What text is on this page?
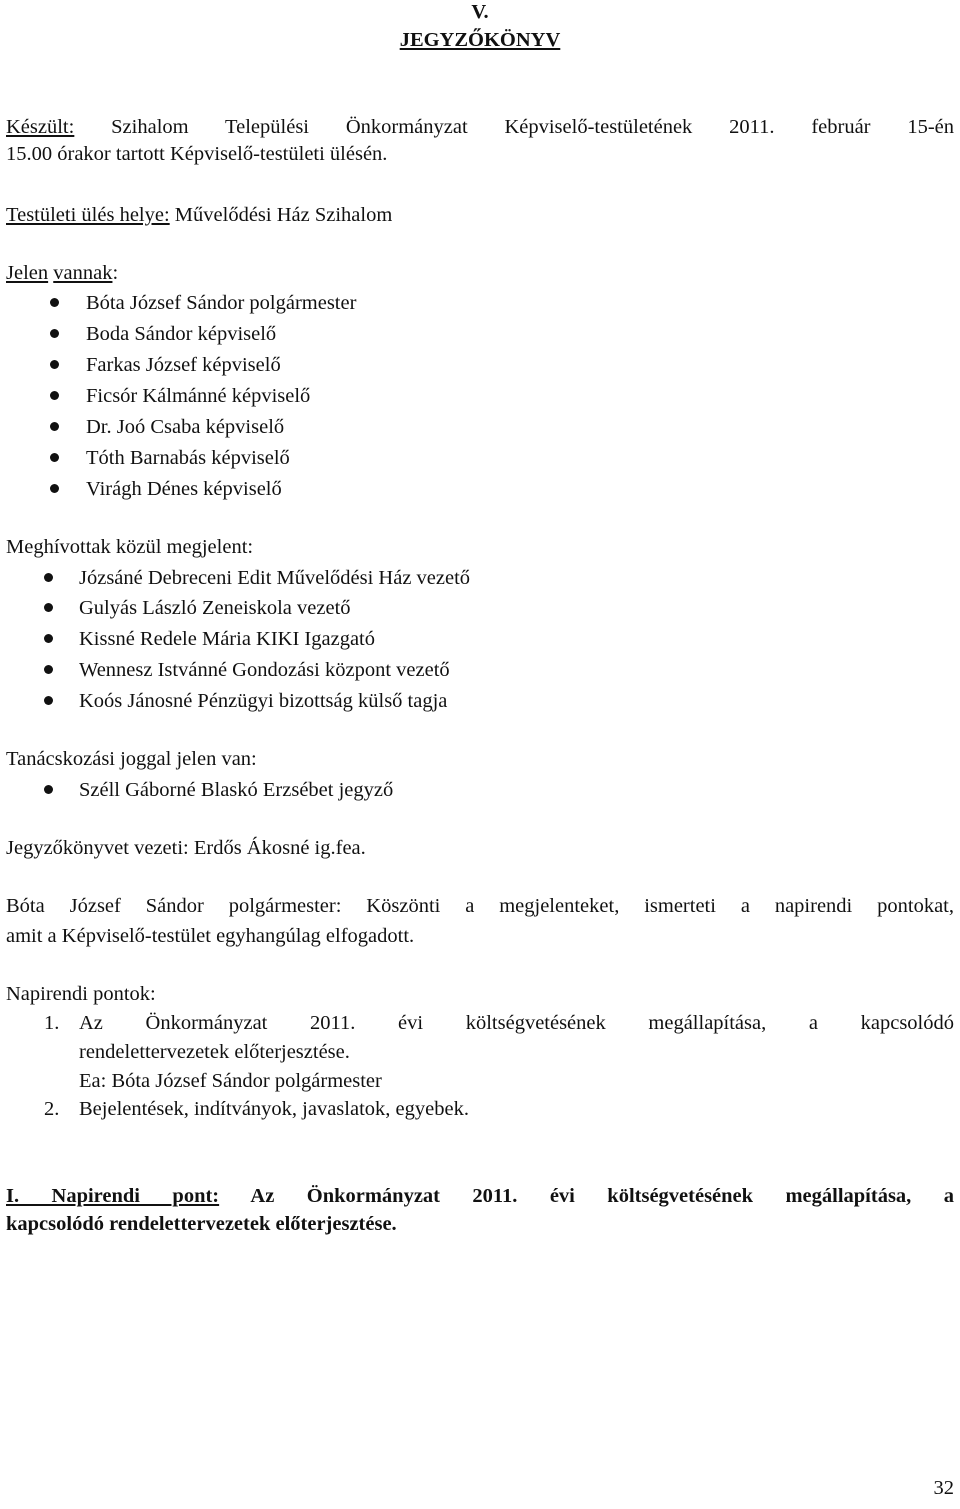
V.
JEGYZŐKÖNYV
Készült: Szihalom Települési Önkormányzat Képviselő-testületének 2011. február 15-én
15.00 órakor tartott Képviselő-testületi ülésén.
Testületi ülés helye: Művelődési Ház Szihalom
Jelen vannak:
Bóta József Sándor polgármester
Boda Sándor képviselő
Farkas József képviselő
Ficsór Kálmánné képviselő
Dr. Joó Csaba képviselő
Tóth Barnabás képviselő
Virágh Dénes képviselő
Meghívottak közül megjelent:
Józsáné Debreceni Edit Művelődési Ház vezető
Gulyás László Zeneiskola vezető
Kissné Redele Mária KIKI Igazgató
Wennesz Istvánné Gondozási központ vezető
Koós Jánosné Pénzügyi bizottság külső tagja
Tanácskozási joggal jelen van:
Széll Gáborné Blaskó Erzsébet jegyző
Jegyzőkönyvet vezeti: Erdős Ákosné ig.fea.
Bóta József Sándor polgármester: Köszönti a megjelenteket, ismerteti a napirendi pontokat,
amit a Képviselő-testület egyhangúlag elfogadott.
Napirendi pontok:
1. Az Önkormányzat 2011. évi költségvetésének megállapítása, a kapcsolódó
rendelettervezetek előterjesztése.
Ea: Bóta József Sándor polgármester
2. Bejelentések, indítványok, javaslatok, egyebek.
I. Napirendi pont: Az Önkormányzat 2011. évi költségvetésének megállapítása, a
kapcsolódó rendelettervezetek előterjesztése.
32
